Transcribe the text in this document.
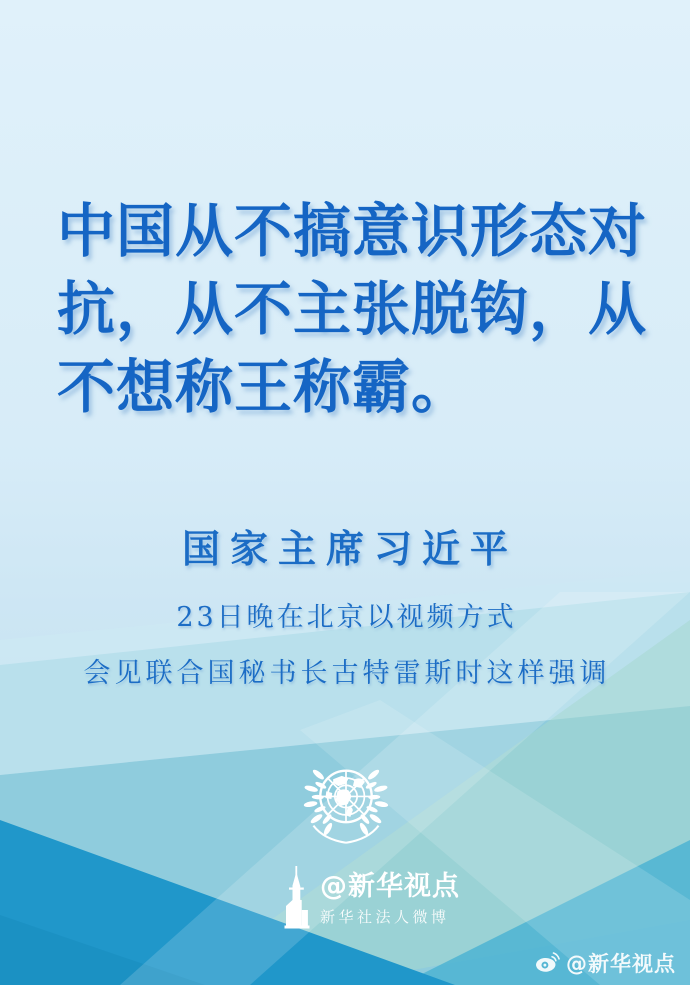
中国从不搞意识形态对
抗，从不主张脱钩，从
不想称王称霸。
国家主席习近平
23日晚在北京以视频方式
会见联合国秘书长古特雷斯时这样强调
@新华视点
新华社法人微博
@新华视点
